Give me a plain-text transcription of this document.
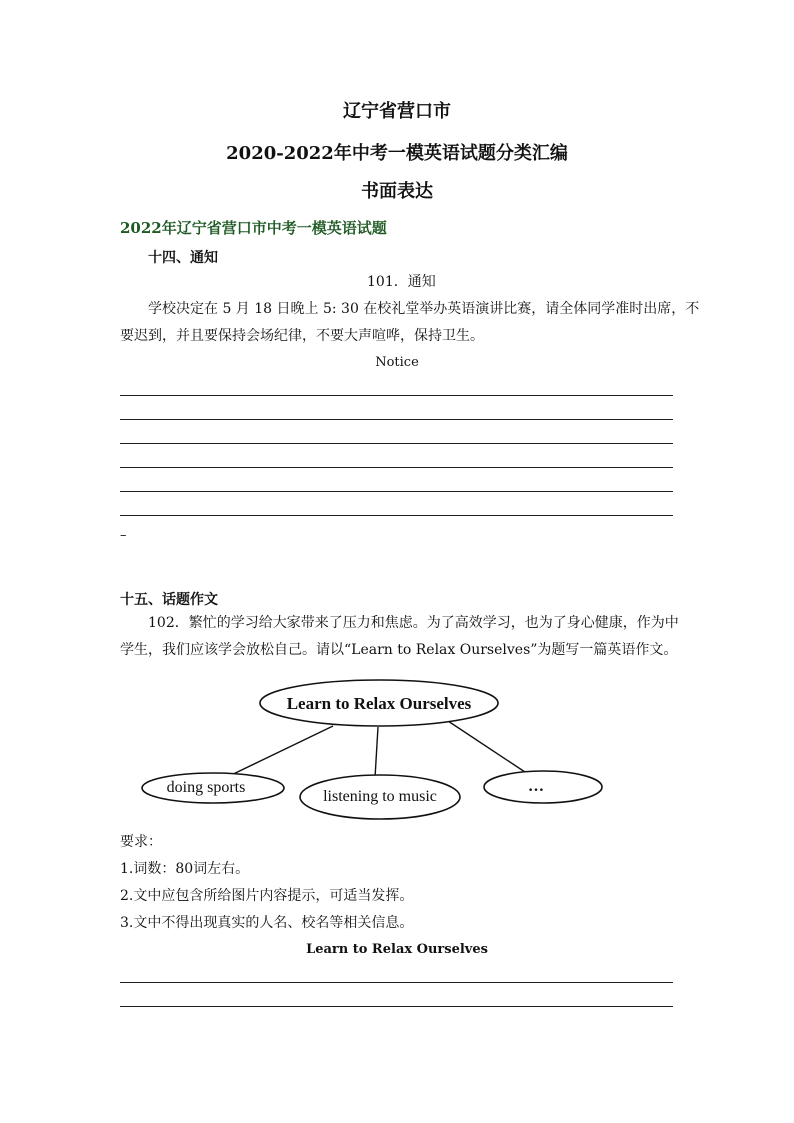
辽宁省营口市
2020-2022年中考一模英语试题分类汇编
书面表达
2022年辽宁省营口市中考一模英语试题
十四、通知
101．通知
学校决定在 5 月 18 日晚上 5: 30 在校礼堂举办英语演讲比赛，请全体同学准时出席，不
要迟到，并且要保持会场纪律，不要大声喧哗，保持卫生。
Notice
–
十五、话题作文
102．繁忙的学习给大家带来了压力和焦虑。为了高效学习，也为了身心健康，作为中
学生，我们应该学会放松自己。请以“Learn to Relax Ourselves”为题写一篇英语作文。
Learn to Relax Ourselves
doing sports
listening to music
…
要求：
1.词数：80词左右。
2.文中应包含所给图片内容提示，可适当发挥。
3.文中不得出现真实的人名、校名等相关信息。
Learn to Relax Ourselves
